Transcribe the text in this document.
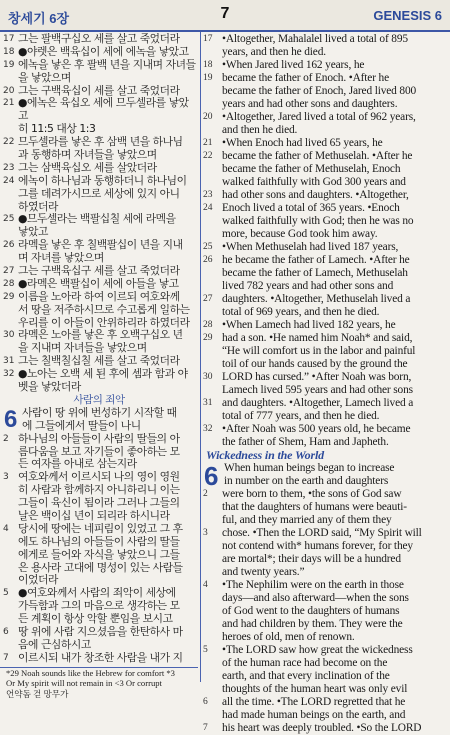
창세기 6장	7	GENESIS 6
17 그는 팔백구십오 세를 살고 죽었더라
18 ●야렛은 백육십이 세에 에녹을 낳았고
19 에녹을 낳은 후 팔백 년을 지내며 자녀들
을 낳았으며
20 그는 구백육십이 세를 살고 죽었더라
21 ●에녹은 육십오 세에 므두셀라를 낳았
고
히 11:5 대상 1:3
22 므두셀라를 낳은 후 삼백 년을 하나님
과 동행하며 자녀들을 낳았으며
23 그는 삼백육십오 세를 살았더라
24 에녹이 하나님과 동행하더니 하나님이
그를 데려가시므로 세상에 있지 아니
하였더라
25 ●므두셀라는 백팔십칠 세에 라멕을
낳았고
26 라멕을 낳은 후 칠백팔십이 년을 지내
며 자녀를 낳았으며
27 그는 구백육십구 세를 살고 죽었더라
28 ●라멕은 백팔십이 세에 아들을 낳고
29 이름을 노아라 하여 이르되 여호와께
서 땅을 저주하시므로 수고롭게 일하는
우리를 이 아들이 안위하리라 하였더라
30 라멕은 노아를 낳은 후 오백구십오 년
을 지내며 자녀들을 낳았으며
31 그는 칠백칠십칠 세를 살고 죽었더라
32 ●노아는 오백 세 된 후에 셈과 함과 야
벳을 낳았더라
사람의 죄악
6 사람이 땅 위에 번성하기 시작할 때
에 그들에게서 딸들이 나니
2 하나님의 아들들이 사람의 딸들의 아
름다움을 보고 자기들이 좋아하는 모
든 여자를 아내로 삼는지라
3 여호와께서 이르시되 나의 영이 영원
히 사람과 함께하지 아니하리니 이는
그들이 육신이 됨이라 그러나 그들의
날은 백이십 년이 되리라 하시니라
4 당시에 땅에는 네피림이 있었고 그 후
에도 하나님의 아들들이 사람의 딸들
에게로 들어와 자식을 낳았으니 그들
은 용사라 고대에 명성이 있는 사람들
이었더라
5 ●여호와께서 사람의 죄악이 세상에
가득함과 그의 마음으로 생각하는 모
든 계획이 항상 악할 뿐임을 보시고
6 땅 위에 사람 지으셨음을 한탄하사 마
음에 근심하시고
7 이르시되 내가 창조한 사람을 내가 지
*29 Noah sounds like the Hebrew for comfort *3
Or My spirit will not remain in <3 Or corrupt
언약돔 걷 망무가
17 •Altogether, Mahalalel lived a total of 895
years, and then he died.
18 •When Jared lived 162 years, he
19 became the father of Enoch. •After he
became the father of Enoch, Jared lived 800
years and had other sons and daughters.
20 •Altogether, Jared lived a total of 962 years,
and then he died.
21 •When Enoch had lived 65 years, he
22 became the father of Methuselah. •After he
became the father of Methuselah, Enoch
walked faithfully with God 300 years and
23 had other sons and daughters. •Altogether,
24 Enoch lived a total of 365 years. •Enoch
walked faithfully with God; then he was no
more, because God took him away.
25 •When Methuselah had lived 187 years,
26 he became the father of Lamech. •After he
became the father of Lamech, Methuselah
lived 782 years and had other sons and
27 daughters. •Altogether, Methuselah lived a
total of 969 years, and then he died.
28 •When Lamech had lived 182 years, he
29 had a son. •He named him Noah* and said,
“He will comfort us in the labor and painful
toil of our hands caused by the ground the
30 LORD has cursed.” •After Noah was born,
Lamech lived 595 years and had other sons
31 and daughters. •Altogether, Lamech lived a
total of 777 years, and then he died.
32 •After Noah was 500 years old, he became
the father of Shem, Ham and Japheth.
Wickedness in the World
6 When human beings began to increase
in number on the earth and daughters
2 were born to them, •the sons of God saw
that the daughters of humans were beauti-
ful, and they married any of them they
3 chose. •Then the LORD said, “My Spirit will
not contend with* humans forever, for they
are mortal*; their days will be a hundred
and twenty years.”
4 •The Nephilim were on the earth in those
days—and also afterward—when the sons
of God went to the daughters of humans
and had children by them. They were the
heroes of old, men of renown.
5 •The LORD saw how great the wickedness
of the human race had become on the
earth, and that every inclination of the
thoughts of the human heart was only evil
6 all the time. •The LORD regretted that he
had made human beings on the earth, and
7 his heart was deeply troubled. •So the LORD
